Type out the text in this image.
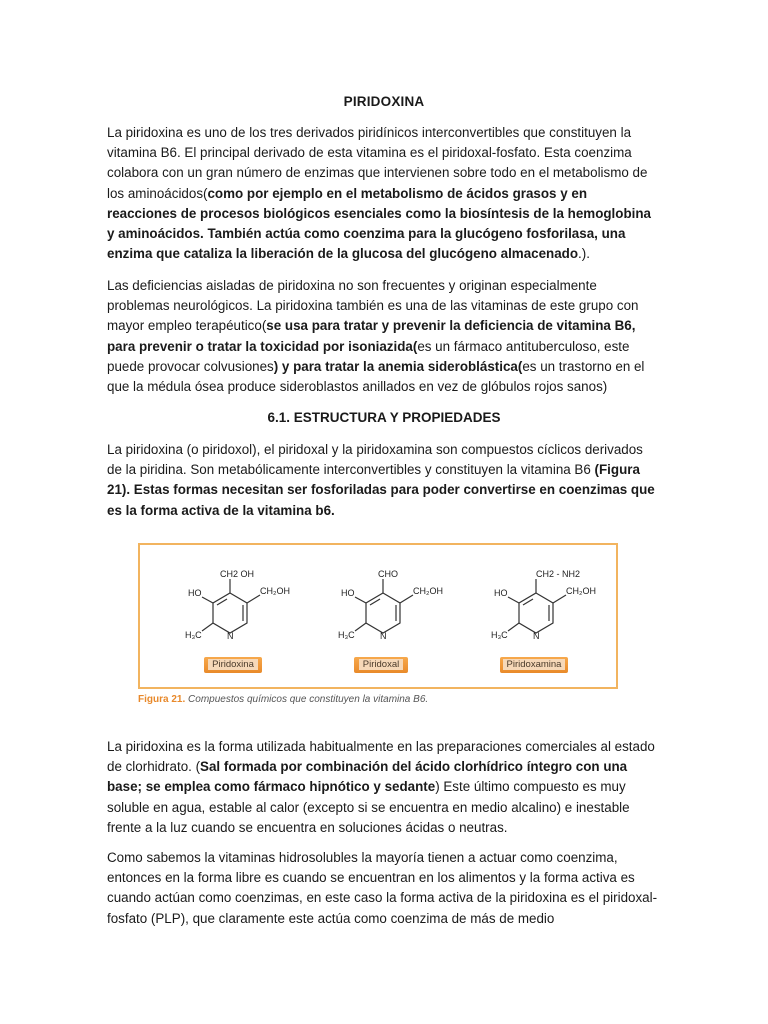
PIRIDOXINA
La piridoxina es uno de los tres derivados piridínicos interconvertibles que constituyen la vitamina B6. El principal derivado de esta vitamina es el piridoxal-fosfato. Esta coenzima colabora con un gran número de enzimas que intervienen sobre todo en el metabolismo de los aminoácidos(como por ejemplo en el metabolismo de ácidos grasos y en reacciones de procesos biológicos esenciales como la biosíntesis de la hemoglobina y aminoácidos. También actúa como coenzima para la glucógeno fosforilasa, una enzima que cataliza la liberación de la glucosa del glucógeno almacenado.).
Las deficiencias aisladas de piridoxina no son frecuentes y originan especialmente problemas neurológicos. La piridoxina también es una de las vitaminas de este grupo con mayor empleo terapéutico(se usa para tratar y prevenir la deficiencia de vitamina B6, para prevenir o tratar la toxicidad por isoniazida(es un fármaco antituberculoso, este puede provocar colvusiones) y para tratar la anemia sideroblástica(es un trastorno en el que la médula ósea produce sideroblastos anillados en vez de glóbulos rojos sanos)
6.1. ESTRUCTURA Y PROPIEDADES
La piridoxina (o piridoxol), el piridoxal y la piridoxamina son compuestos cíclicos derivados de la piridina. Son metabólicamente interconvertibles y constituyen la vitamina B6 (Figura 21). Estas formas necesitan ser fosforiladas para poder convertirse en coenzimas que es la forma activa de la vitamina b6.
CH2 OH
CH₂OH
HO
H₃C	N
CHO
CH₂OH
HO
H₃C	N
CH2 - NH2
CH₂OH
HO
H₃C	N
Piridoxina	Piridoxal	Piridoxamina
Figura 21. Compuestos químicos que constituyen la vitamina B6.
La piridoxina es la forma utilizada habitualmente en las preparaciones comerciales al estado de clorhidrato. (Sal formada por combinación del ácido clorhídrico íntegro con una base; se emplea como fármaco hipnótico y sedante) Este último compuesto es muy soluble en agua, estable al calor (excepto si se encuentra en medio alcalino) e inestable frente a la luz cuando se encuentra en soluciones ácidas o neutras.
Como sabemos la vitaminas hidrosolubles la mayoría tienen a actuar como coenzima, entonces en la forma libre es cuando se encuentran en los alimentos y la forma activa es cuando actúan como coenzimas, en este caso la forma activa de la piridoxina es el piridoxal- fosfato (PLP), que claramente este actúa como coenzima de más de medio
